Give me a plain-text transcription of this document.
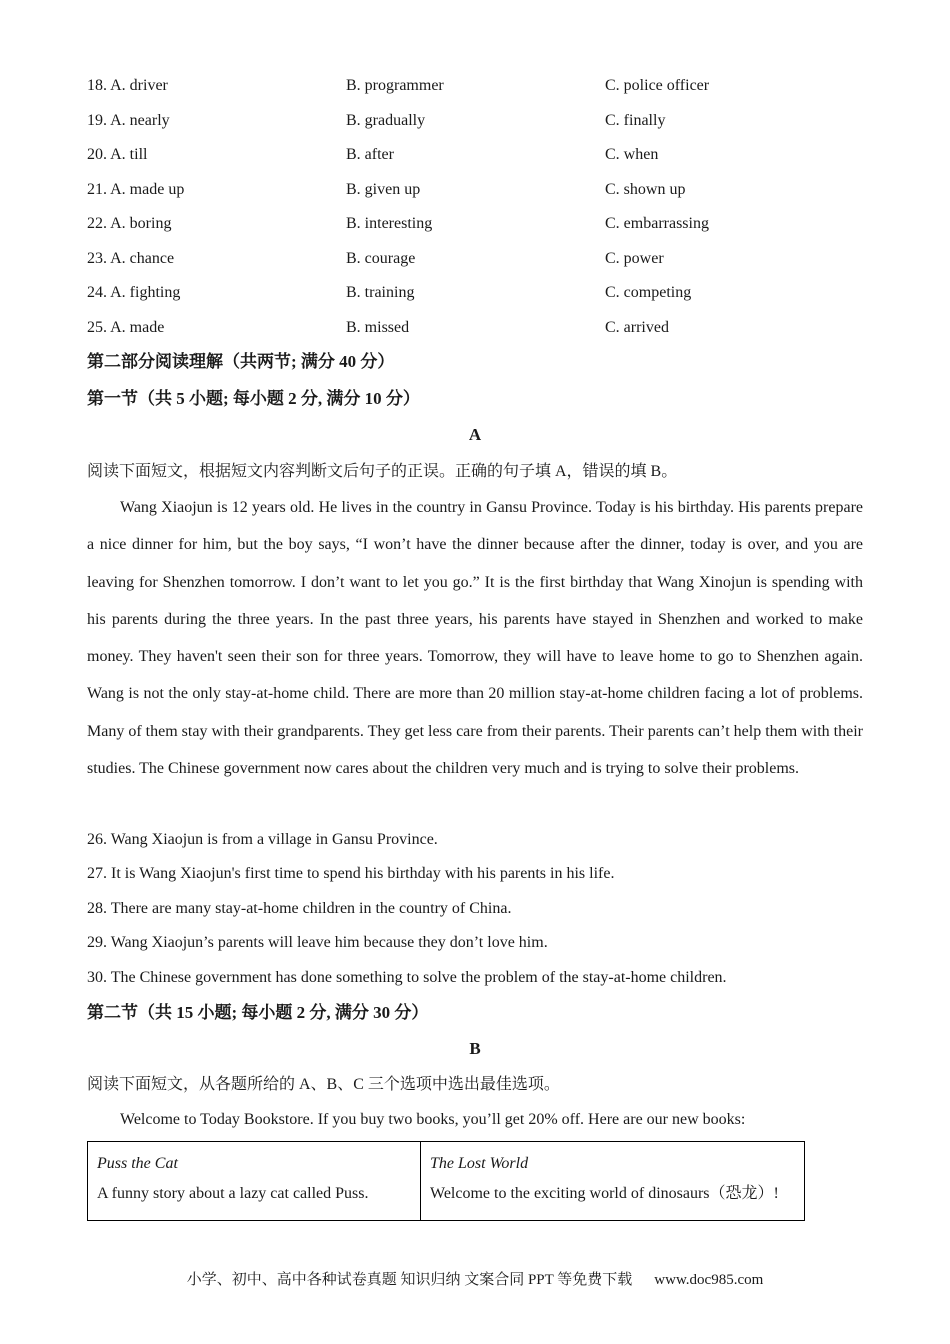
18. A. driver	B. programmer	C. police officer
19. A. nearly	B. gradually	C. finally
20. A. till	B. after	C. when
21. A. made up	B. given up	C. shown up
22. A. boring	B. interesting	C. embarrassing
23. A. chance	B. courage	C. power
24. A. fighting	B. training	C. competing
25. A. made	B. missed	C. arrived
第二部分阅读理解（共两节; 满分 40 分）
第一节（共 5 小题; 每小题 2 分, 满分 10 分）
A
阅读下面短文，根据短文内容判断文后句子的正误。正确的句子填 A，错误的填 B。

Wang Xiaojun is 12 years old. He lives in the country in Gansu Province. Today is his birthday. His parents prepare a nice dinner for him, but the boy says, “I won’t have the dinner because after the dinner, today is over, and you are leaving for Shenzhen tomorrow. I don’t want to let you go.” It is the first birthday that Wang Xinojun is spending with his parents during the three years. In the past three years, his parents have stayed in Shenzhen and worked to make money. They haven't seen their son for three years. Tomorrow, they will have to leave home to go to Shenzhen again. Wang is not the only stay-at-home child. There are more than 20 million stay-at-home children facing a lot of problems. Many of them stay with their grandparents. They get less care from their parents. Their parents can’t help them with their studies. The Chinese government now cares about the children very much and is trying to solve their problems.

26. Wang Xiaojun is from a village in Gansu Province.
27. It is Wang Xiaojun's first time to spend his birthday with his parents in his life.
28. There are many stay-at-home children in the country of China.
29. Wang Xiaojun’s parents will leave him because they don’t love him.
30. The Chinese government has done something to solve the problem of the stay-at-home children.
第二节（共 15 小题; 每小题 2 分, 满分 30 分）
B
阅读下面短文，从各题所给的 A、B、C 三个选项中选出最佳选项。
Welcome to Today Bookstore. If you buy two books, you’ll get 20% off. Here are our new books:
Puss the Cat
A funny story about a lazy cat called Puss.	
The Lost World
Welcome to the exciting world of dinosaurs（恐龙）!
小学、初中、高中各种试卷真题 知识归纳 文案合同 PPT 等免费下载 www.doc985.com
